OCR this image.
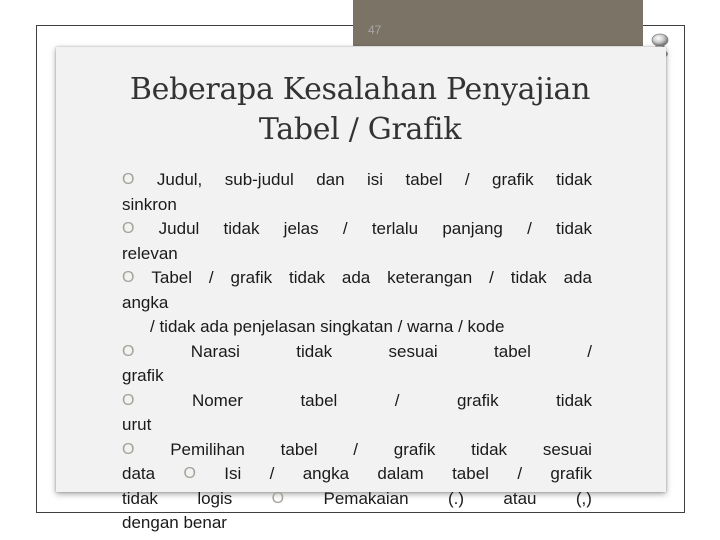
47
Beberapa Kesalahan Penyajian
Tabel / Grafik
O Judul, sub-judul dan isi tabel / grafik tidak
sinkron
O Judul tidak jelas / terlalu panjang / tidak
relevan
O Tabel / grafik tidak ada keterangan / tidak ada
angka
/ tidak ada penjelasan singkatan / warna / kode
O	Narasi	tidak	sesuai	tabel	/
grafik
O	Nomer	tabel	/	grafik	tidak
urut
O Pemilihan tabel / grafik tidak sesuai
data O Isi / angka dalam tabel / grafik
tidak logis O Pemakaian (.) atau (,)
dengan benar
